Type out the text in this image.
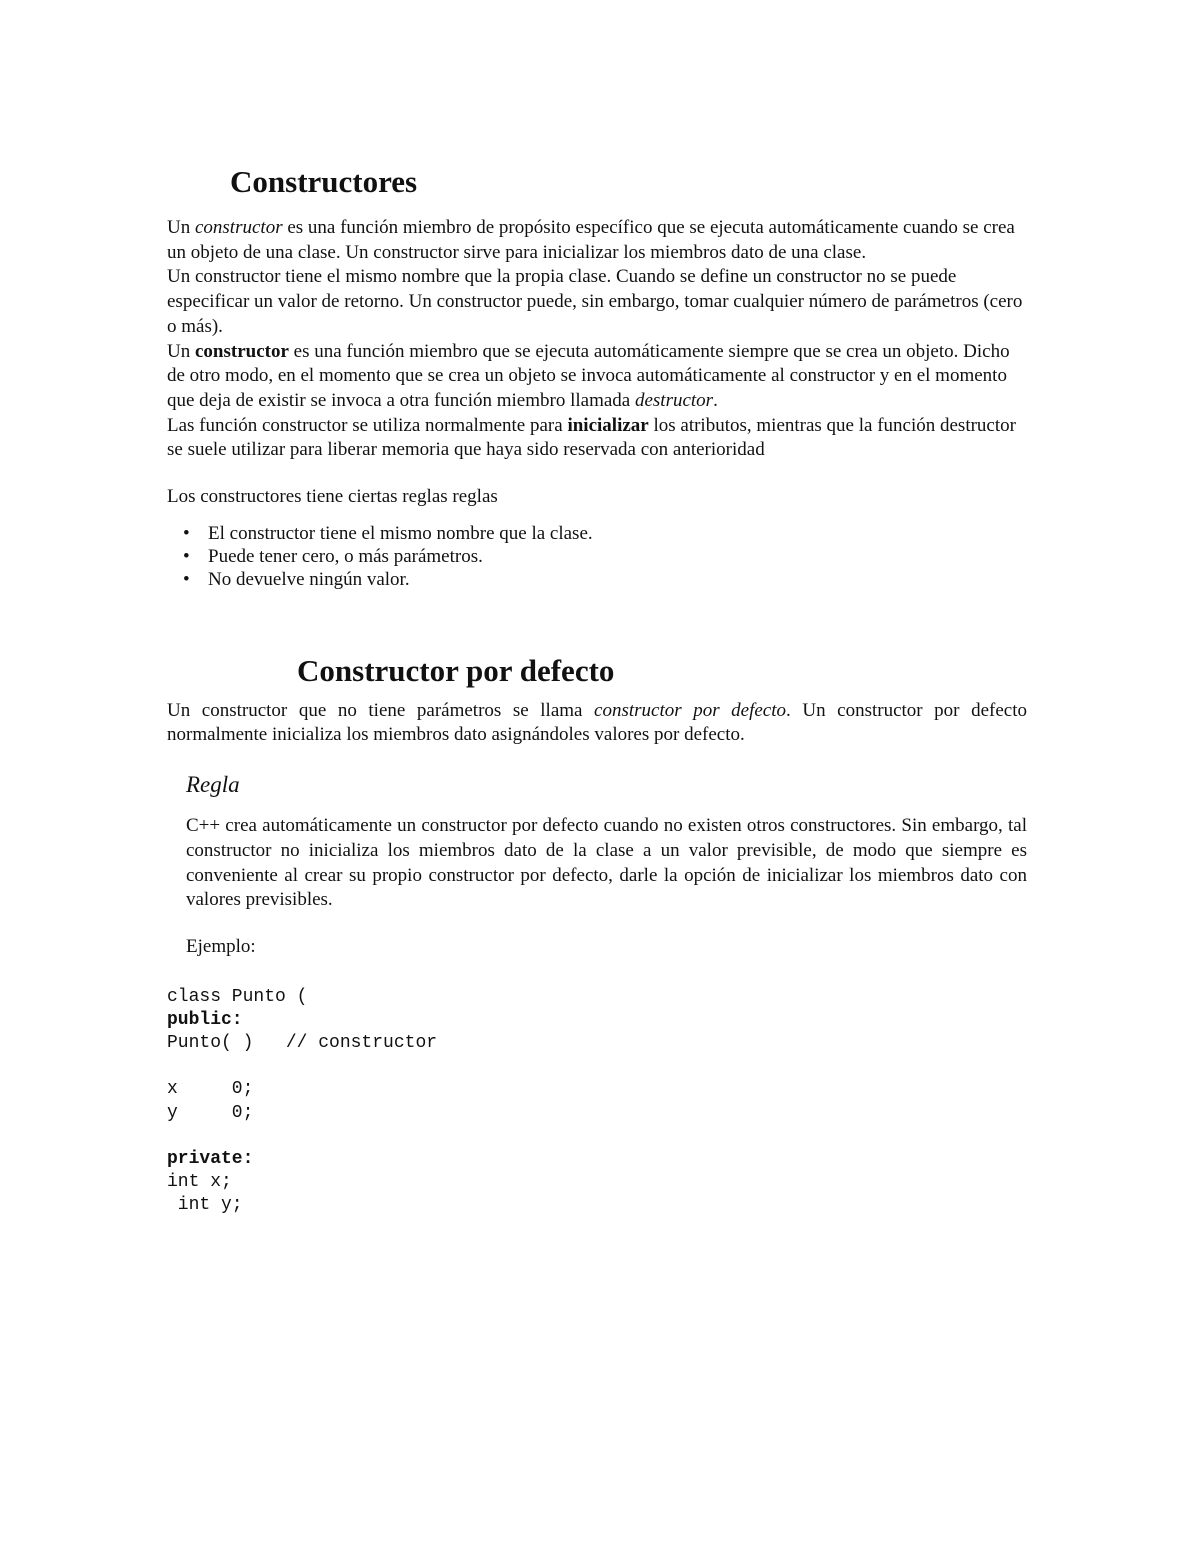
Constructores

Un constructor es una función miembro de propósito específico que se ejecuta automáticamente cuando se crea un objeto de una clase. Un constructor sirve para inicializar los miembros dato de una clase.

Un constructor tiene el mismo nombre que la propia clase. Cuando se define un constructor no se puede especificar un valor de retorno. Un constructor puede, sin embargo, tomar cualquier número de parámetros (cero o más).

Un constructor es una función miembro que se ejecuta automáticamente siempre que se crea un objeto. Dicho de otro modo, en el momento que se crea un objeto se invoca automáticamente al constructor y en el momento que deja de existir se invoca a otra función miembro llamada destructor.

Las función constructor se utiliza normalmente para inicializar los atributos, mientras que la función destructor se suele utilizar para liberar memoria que haya sido reservada con anterioridad

Los constructores tiene ciertas reglas reglas

• El constructor tiene el mismo nombre que la clase.
• Puede tener cero, o más parámetros.
• No devuelve ningún valor.
Constructor por defecto

Un constructor que no tiene parámetros se llama constructor por defecto. Un constructor por defecto normalmente inicializa los miembros dato asignándoles valores por defecto.

Regla

C++ crea automáticamente un constructor por defecto cuando no existen otros constructores. Sin embargo, tal constructor no inicializa los miembros dato de la clase a un valor previsible, de modo que siempre es conveniente al crear su propio constructor por defecto, darle la opción de inicializar los miembros dato con valores previsibles.

Ejemplo:

class Punto (
public:
Punto( )   // constructor
x     0;
y     0;
private:
int x;
int y;
